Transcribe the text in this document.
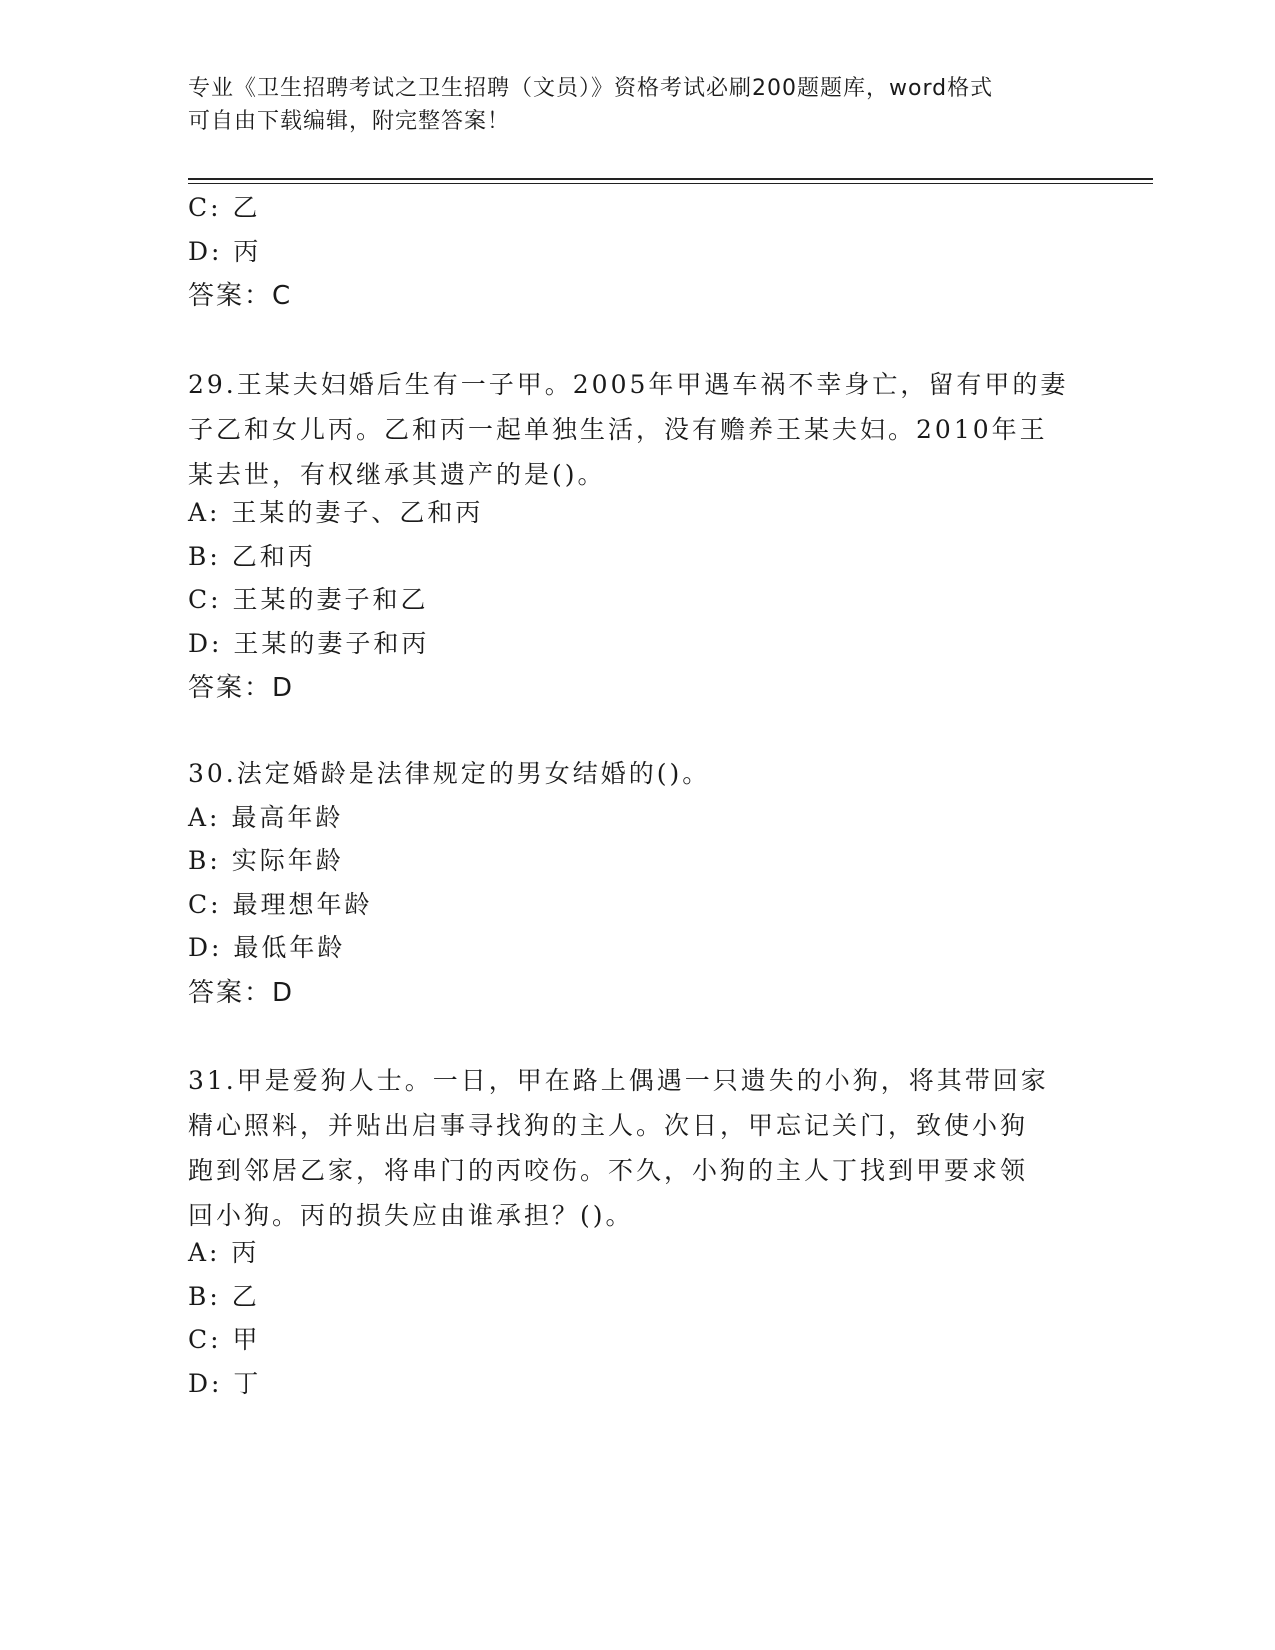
专业《卫生招聘考试之卫生招聘（文员）》资格考试必刷200题题库，word格式
可自由下载编辑，附完整答案！
C: 乙
D: 丙
答案：C
29.王某夫妇婚后生有一子甲。2005年甲遇车祸不幸身亡，留有甲的妻
子乙和女儿丙。乙和丙一起单独生活，没有赡养王某夫妇。2010年王
某去世，有权继承其遗产的是()。
A: 王某的妻子、乙和丙
B: 乙和丙
C: 王某的妻子和乙
D: 王某的妻子和丙
答案：D
30.法定婚龄是法律规定的男女结婚的()。
A: 最高年龄
B: 实际年龄
C: 最理想年龄
D: 最低年龄
答案：D
31.甲是爱狗人士。一日，甲在路上偶遇一只遗失的小狗，将其带回家
精心照料，并贴出启事寻找狗的主人。次日，甲忘记关门，致使小狗
跑到邻居乙家，将串门的丙咬伤。不久，小狗的主人丁找到甲要求领
回小狗。丙的损失应由谁承担？()。
A: 丙
B: 乙
C: 甲
D: 丁
